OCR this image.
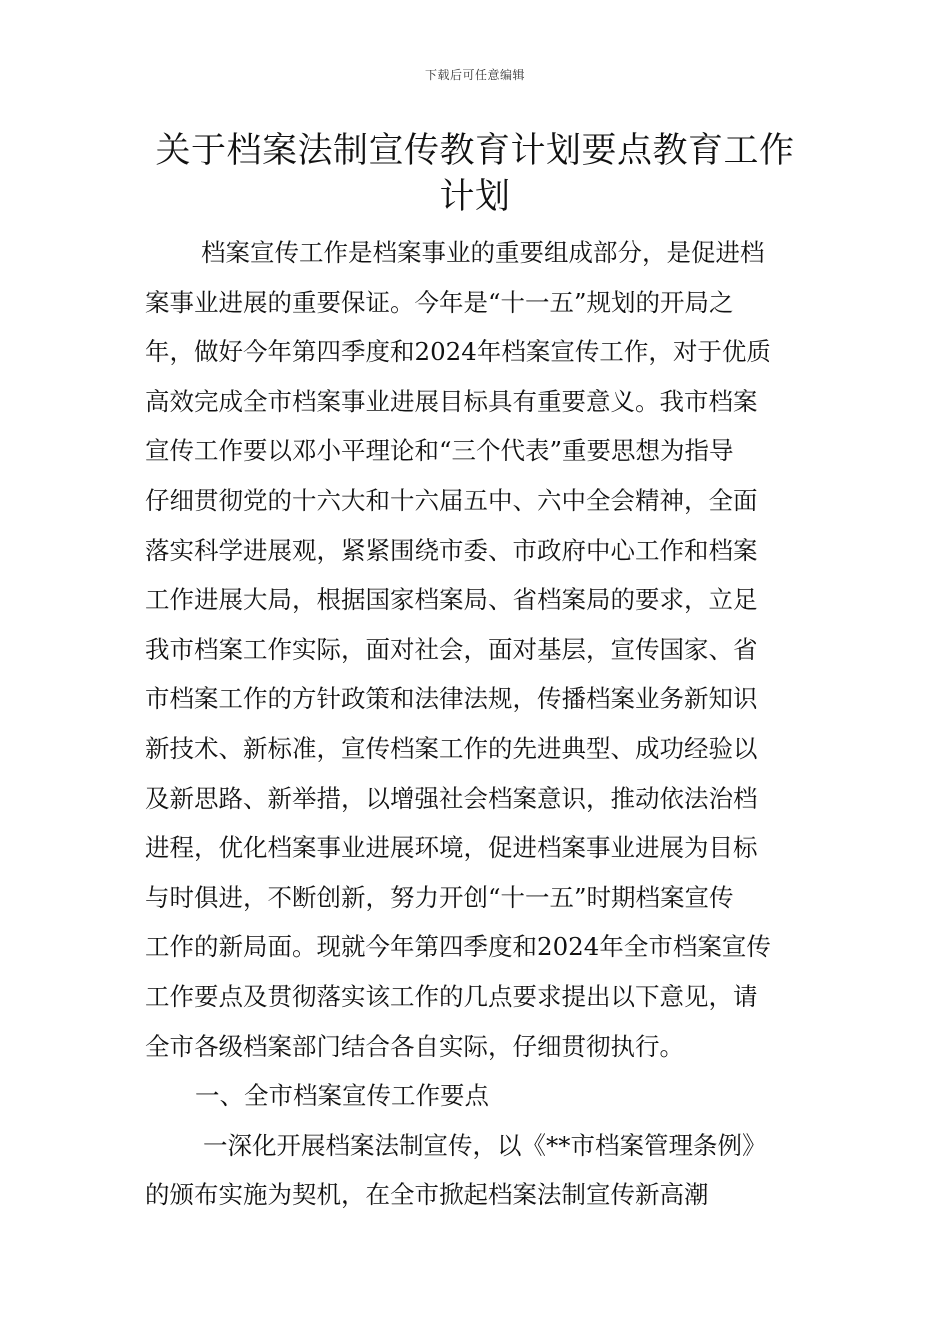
下载后可任意编辑
关于档案法制宣传教育计划要点教育工作
计划

档案宣传工作是档案事业的重要组成部分，是促进档
案事业进展的重要保证。今年是“十一五”规划的开局之
年，做好今年第四季度和2024年档案宣传工作，对于优质
高效完成全市档案事业进展目标具有重要意义。我市档案
宣传工作要以邓小平理论和“三个代表”重要思想为指导
仔细贯彻党的十六大和十六届五中、六中全会精神，全面
落实科学进展观，紧紧围绕市委、市政府中心工作和档案
工作进展大局，根据国家档案局、省档案局的要求，立足
我市档案工作实际，面对社会，面对基层，宣传国家、省
市档案工作的方针政策和法律法规，传播档案业务新知识
新技术、新标准，宣传档案工作的先进典型、成功经验以
及新思路、新举措，以增强社会档案意识，推动依法治档
进程，优化档案事业进展环境，促进档案事业进展为目标
与时俱进，不断创新，努力开创“十一五”时期档案宣传
工作的新局面。现就今年第四季度和2024年全市档案宣传
工作要点及贯彻落实该工作的几点要求提出以下意见，请
全市各级档案部门结合各自实际，仔细贯彻执行。

一、全市档案宣传工作要点

一深化开展档案法制宣传，以《**市档案管理条例》
的颁布实施为契机，在全市掀起档案法制宣传新高潮
